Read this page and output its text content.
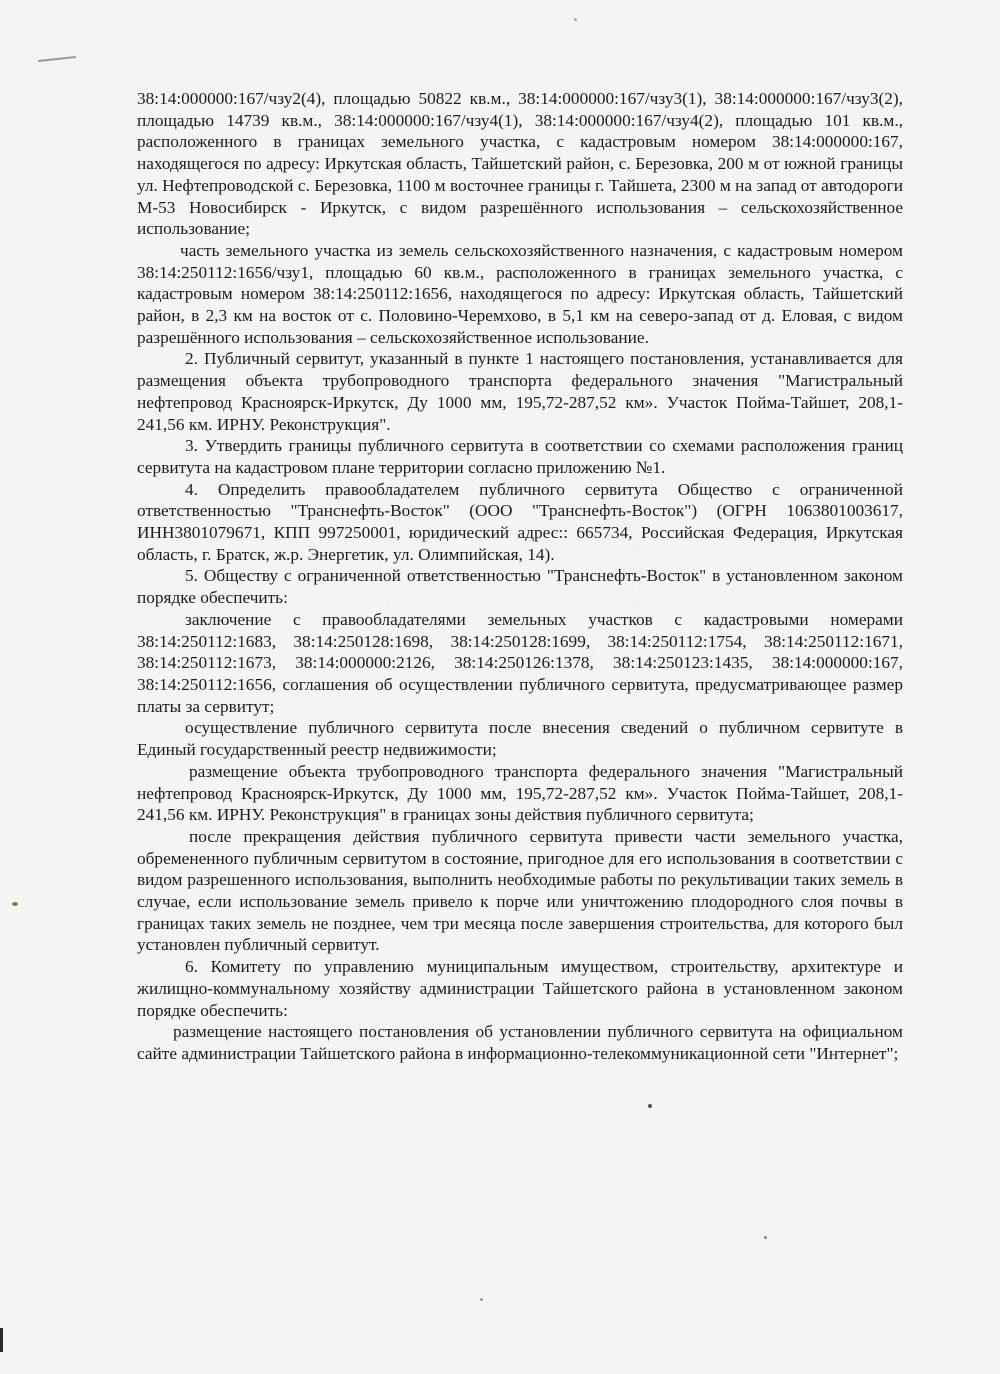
38:14:000000:167/чзу2(4), площадью 50822 кв.м., 38:14:000000:167/чзу3(1), 38:14:000000:167/чзу3(2), площадью 14739 кв.м., 38:14:000000:167/чзу4(1), 38:14:000000:167/чзу4(2), площадью 101 кв.м., расположенного в границах земельного участка, с кадастровым номером 38:14:000000:167, находящегося по адресу: Иркутская область, Тайшетский район, с. Березовка, 200 м от южной границы ул. Нефтепроводской с. Березовка, 1100 м восточнее границы г. Тайшета, 2300 м на запад от автодороги М-53 Новосибирск - Иркутск, с видом разрешённого использования – сельскохозяйственное использование;

часть земельного участка из земель сельскохозяйственного назначения, с кадастровым номером 38:14:250112:1656/чзу1, площадью 60 кв.м., расположенного в границах земельного участка, с кадастровым номером 38:14:250112:1656, находящегося по адресу: Иркутская область, Тайшетский район, в 2,3 км на восток от с. Половино-Черемхово, в 5,1 км на северо-запад от д. Еловая, с видом разрешённого использования – сельскохозяйственное использование.

2. Публичный сервитут, указанный в пункте 1 настоящего постановления, устанавливается для размещения объекта трубопроводного транспорта федерального значения "Магистральный нефтепровод Красноярск-Иркутск, Ду 1000 мм, 195,72-287,52 км». Участок Пойма-Тайшет, 208,1-241,56 км. ИРНУ. Реконструкция".

3. Утвердить границы публичного сервитута в соответствии со схемами расположения границ сервитута на кадастровом плане территории согласно приложению №1.

4. Определить правообладателем публичного сервитута Общество с ограниченной ответственностью "Транснефть-Восток" (ООО "Транснефть-Восток") (ОГРН 1063801003617, ИНН3801079671, КПП 997250001, юридический адрес:: 665734, Российская Федерация, Иркутская область, г. Братск, ж.р. Энергетик, ул. Олимпийская, 14).

5. Обществу с ограниченной ответственностью "Транснефть-Восток" в установленном законом порядке обеспечить:

заключение с правообладателями земельных участков с кадастровыми номерами 38:14:250112:1683, 38:14:250128:1698, 38:14:250128:1699, 38:14:250112:1754, 38:14:250112:1671, 38:14:250112:1673, 38:14:000000:2126, 38:14:250126:1378, 38:14:250123:1435, 38:14:000000:167, 38:14:250112:1656, соглашения об осуществлении публичного сервитута, предусматривающее размер платы за сервитут;

осуществление публичного сервитута после внесения сведений о публичном сервитуте в Единый государственный реестр недвижимости;

размещение объекта трубопроводного транспорта федерального значения "Магистральный нефтепровод Красноярск-Иркутск, Ду 1000 мм, 195,72-287,52 км». Участок Пойма-Тайшет, 208,1-241,56 км. ИРНУ. Реконструкция" в границах зоны действия публичного сервитута;

после прекращения действия публичного сервитута привести части земельного участка, обремененного публичным сервитутом в состояние, пригодное для его использования в соответствии с видом разрешенного использования, выполнить необходимые работы по рекультивации таких земель в случае, если использование земель привело к порче или уничтожению плодородного слоя почвы в границах таких земель не позднее, чем три месяца после завершения строительства, для которого был установлен публичный сервитут.

6. Комитету по управлению муниципальным имуществом, строительству, архитектуре и жилищно-коммунальному хозяйству администрации Тайшетского района в установленном законом порядке обеспечить:

размещение настоящего постановления об установлении публичного сервитута на официальном сайте администрации Тайшетского района в информационно-телекоммуникационной сети "Интернет";
